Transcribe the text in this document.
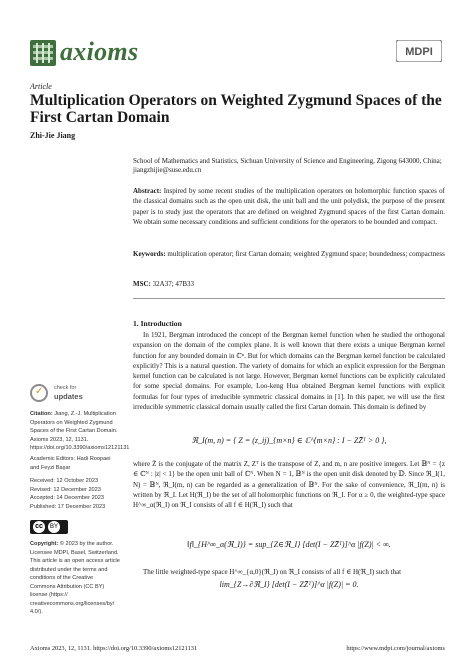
axioms	MDPI
Article
Multiplication Operators on Weighted Zygmund Spaces of the First Cartan Domain
Zhi-Jie Jiang
School of Mathematics and Statistics, Sichuan University of Science and Engineering, Zigong 643000, China;
jiangzhijie@suse.edu.cn
Abstract: Inspired by some recent studies of the multiplication operators on holomorphic function spaces of the classical domains such as the open unit disk, the unit ball and the unit polydisk, the purpose of the present paper is to study just the operators that are defined on weighted Zygmund spaces of the first Cartan domain. We obtain some necessary conditions and sufficient conditions for the operators to be bounded and compact.
Keywords: multiplication operator; first Cartan domain; weighted Zygmund space; boundedness; compactness
MSC: 32A37; 47B33
1. Introduction
In 1921, Bergman introduced the concept of the Bergman kernel function when he studied the orthogonal expansion on the domain of the complex plane. It is well known that there exists a unique Bergman kernel function for any bounded domain in ℂⁿ. But for which domains can the Bergman kernel function be calculated explicitly? This is a natural question. The variety of domains for which an explicit expression for the Bergman kernel function can be calculated is not large. However, Bergman kernel functions can be explicitly calculated for some special domains. For example, Loo-keng Hua obtained Bergman kernel functions with explicit formulas for four types of irreducible symmetric classical domains in [1]. In this paper, we will use the first irreducible symmetric classical domain usually called the first Cartan domain. This domain is defined by
ℜ_I(m, n) = { Z = (z_ij)_{m×n} ∈ ℂ^{m×n} : I − ZZ̄ᵀ > 0 },
where Z̄ is the conjugate of the matrix Z, Zᵀ is the transpose of Z, and m, n are positive integers. Let 𝔹ᴺ = {z ∈ ℂᴺ : |z| < 1} be the open unit ball of ℂᴺ. When N = 1, 𝔹ᴺ is the open unit disk denoted by 𝔻. Since ℜ_I(1, N) = 𝔹ᴺ, ℜ_I(m, n) can be regarded as a generalization of 𝔹ᴺ. For the sake of convenience, ℜ_I(m, n) is written by ℜ_I. Let H(ℜ_I) be the set of all holomorphic functions on ℜ_I. For α ≥ 0, the weighted-type space H^∞_α(ℜ_I) on ℜ_I consists of all f ∈ H(ℜ_I) such that
‖f‖_{H^∞_α(ℜ_I)} = sup_{Z∈ℜ_I} [det(I − ZZ̄ᵀ)]^α |f(Z)| < ∞.
The little weighted-type space H^∞_{α,0}(ℜ_I) on ℜ_I consists of all f ∈ H(ℜ_I) such that
lim_{Z→∂ℜ_I} [det(I − ZZ̄ᵀ)]^α |f(Z)| = 0.
✓ check for
updates
Citation: Jiang, Z.-J. Multiplication Operators on Weighted Zygmund Spaces of the First Cartan Domain. Axioms 2023, 12, 1131. https://doi.org/10.3390/axioms12121131
Academic Editors: Hadi Roopaei and Feyzi Başar
Received: 12 October 2023
Revised: 12 December 2023
Accepted: 14 December 2023
Published: 17 December 2023
cc	BY
Copyright: © 2023 by the author. Licensee MDPI, Basel, Switzerland. This article is an open access article distributed under the terms and conditions of the Creative Commons Attribution (CC BY) license (https:// creativecommons.org/licenses/by/ 4.0/).
Axioms 2023, 12, 1131. https://doi.org/10.3390/axioms12121131	https://www.mdpi.com/journal/axioms
